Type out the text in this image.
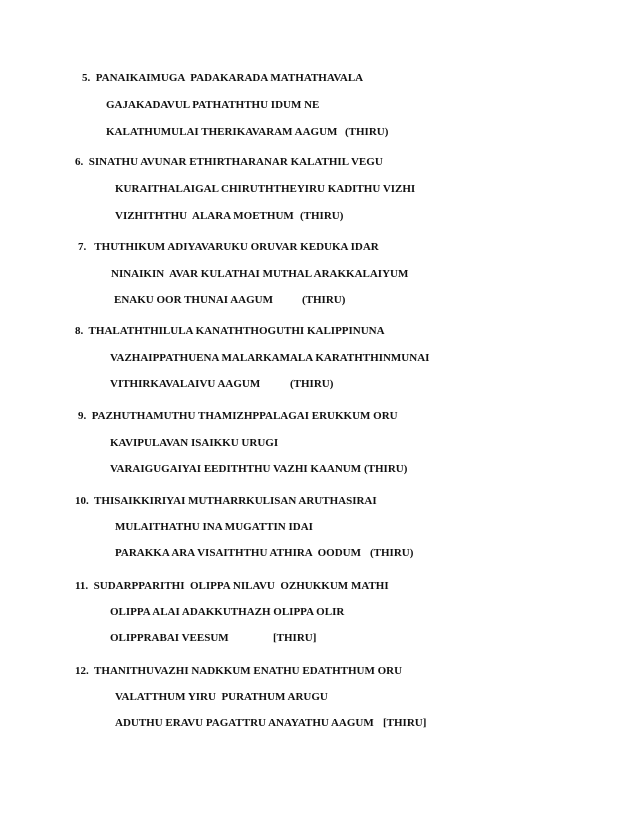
5.  PANAIKAIMUGA  PADAKARADA MATHATHAVALA
GAJAKADAVUL PATHATHTHU IDUM NE
KALATHUMULAI THERIKAVARAM AAGUM (THIRU)
6.  SINATHU AVUNAR ETHIRTHARANAR KALATHIL VEGU
KURAITHALAIGAL CHIRUTHTHEYIRU KADITHU VIZHI
VIZHITHTHU  ALARA MOETHUM (THIRU)
7.   THUTHIKUM ADIYAVARUKU ORUVAR KEDUKA IDAR
NINAIKIN  AVAR KULATHAI MUTHAL ARAKKALAIYUM
ENAKU OOR THUNAI AAGUM	(THIRU)
8.  THALATHTHILULA KANATHTHOGUTHI KALIPPINUNA
VAZHAIPPATHUENA MALARKAMALA KARATHTHINMUNAI
VITHIRKAVALAIVU AAGUM	(THIRU)
9.  PAZHUTHAMUTHU THAMIZHPPALAGAI ERUKKUM ORU
KAVIPULAVAN ISAIKKU URUGI
VARAIGUGAIYAI EEDITHTHU VAZHI KAANUM (THIRU)
10.  THISAIKKIRIYAI MUTHARRKULISAN ARUTHASIRAI
MULAITHATHU INA MUGATTIN IDAI
PARAKKA ARA VISAITHTHU ATHIRA  OODUM (THIRU)
11.  SUDARPPARITHI  OLIPPA NILAVU  OZHUKKUM MATHI
OLIPPA ALAI ADAKKUTHAZH OLIPPA OLIR
OLIPPRABAI VEESUM	[THIRU]
12.  THANITHUVAZHI NADKKUM ENATHU EDATHTHUM ORU
VALATTHUM YIRU  PURATHUM ARUGU
ADUTHU ERAVU PAGATTRU ANAYATHU AAGUM [THIRU]
